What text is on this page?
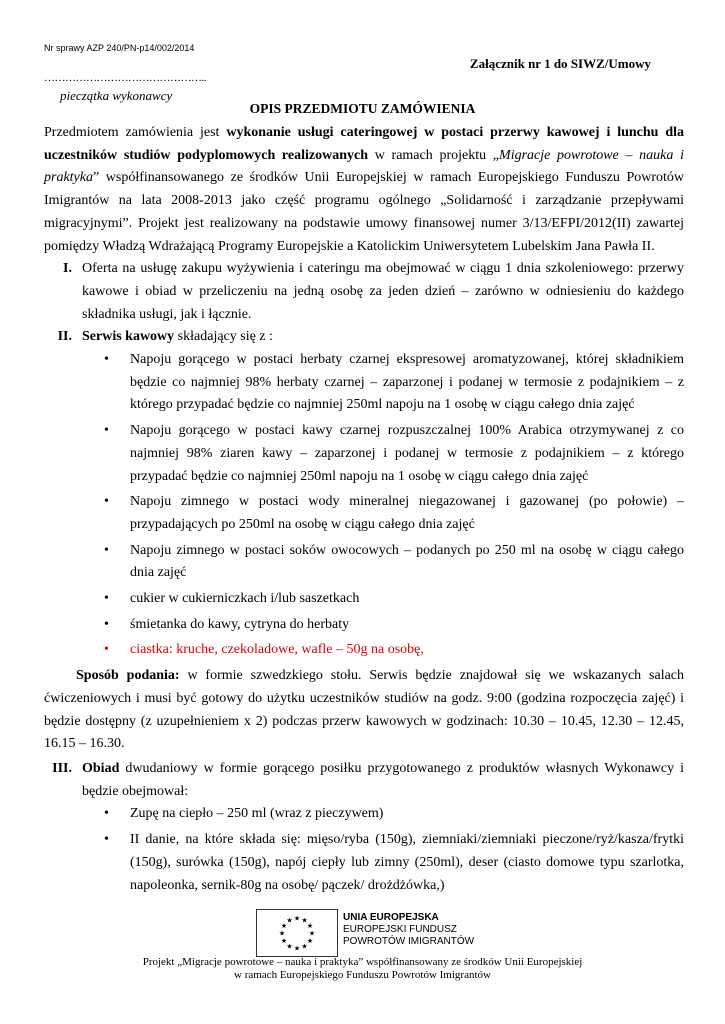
Nr sprawy AZP 240/PN-p14/002/2014
Załącznik nr 1 do SIWZ/Umowy
………………………………………..
pieczątka wykonawcy
OPIS PRZEDMIOTU ZAMÓWIENIA

Przedmiotem zamówienia jest wykonanie usługi cateringowej w postaci przerwy kawowej i lunchu dla uczestników studiów podyplomowych realizowanych w ramach projektu „Migracje powrotowe – nauka i praktyka” współfinansowanego ze środków Unii Europejskiej w ramach Europejskiego Funduszu Powrotów Imigrantów na lata 2008-2013 jako część programu ogólnego „Solidarność i zarządzanie przepływami migracyjnymi”. Projekt jest realizowany na podstawie umowy finansowej numer 3/13/EFPI/2012(II) zawartej pomiędzy Władzą Wdrażającą Programy Europejskie a Katolickim Uniwersytetem Lubelskim Jana Pawła II.

I. Oferta na usługę zakupu wyżywienia i cateringu ma obejmować w ciągu 1 dnia szkoleniowego: przerwy kawowe i obiad w przeliczeniu na jedną osobę za jeden dzień – zarówno w odniesieniu do każdego składnika usługi, jak i łącznie.
II. Serwis kawowy składający się z :
• Napoju gorącego w postaci herbaty czarnej ekspresowej aromatyzowanej, której składnikiem będzie co najmniej 98% herbaty czarnej – zaparzonej i podanej w termosie z podajnikiem – z którego przypadać będzie co najmniej 250ml napoju na 1 osobę w ciągu całego dnia zajęć
• Napoju gorącego w postaci kawy czarnej rozpuszczalnej 100% Arabica otrzymywanej z co najmniej 98% ziaren kawy – zaparzonej i podanej w termosie z podajnikiem – z którego przypadać będzie co najmniej 250ml napoju na 1 osobę w ciągu całego dnia zajęć
• Napoju zimnego w postaci wody mineralnej niegazowanej i gazowanej (po połowie) – przypadających po 250ml na osobę w ciągu całego dnia zajęć
• Napoju zimnego w postaci soków owocowych – podanych po 250 ml na osobę w ciągu całego dnia zajęć
• cukier w cukierniczkach i/lub saszetkach
• śmietanka do kawy, cytryna do herbaty
• ciastka: kruche, czekoladowe, wafle – 50g na osobę,

Sposób podania: w formie szwedzkiego stołu. Serwis będzie znajdował się we wskazanych salach ćwiczeniowych i musi być gotowy do użytku uczestników studiów na godz. 9:00 (godzina rozpoczęcia zajęć) i będzie dostępny (z uzupełnieniem x 2) podczas przerw kawowych w godzinach: 10.30 – 10.45, 12.30 – 12.45, 16.15 – 16.30.

III. Obiad dwudaniowy w formie gorącego posiłku przygotowanego z produktów własnych Wykonawcy i będzie obejmował:
• Zupę na ciepło – 250 ml (wraz z pieczywem)
• II danie, na które składa się: mięso/ryba (150g), ziemniaki/ziemniaki pieczone/ryż/kasza/frytki (150g), surówka (150g), napój ciepły lub zimny (250ml), deser (ciasto domowe typu szarlotka, napoleonka, sernik-80g na osobę/ pączek/ drożdżówka,)
★ ★
★
★
★
★
★
★
★
★
★
★	UNIA EUROPEJSKA
EUROPEJSKI FUNDUSZ
POWROTÓW IMIGRANTÓW
Projekt „Migracje powrotowe – nauka i praktyka” współfinansowany ze środków Unii Europejskiej
w ramach Europejskiego Funduszu Powrotów Imigrantów
